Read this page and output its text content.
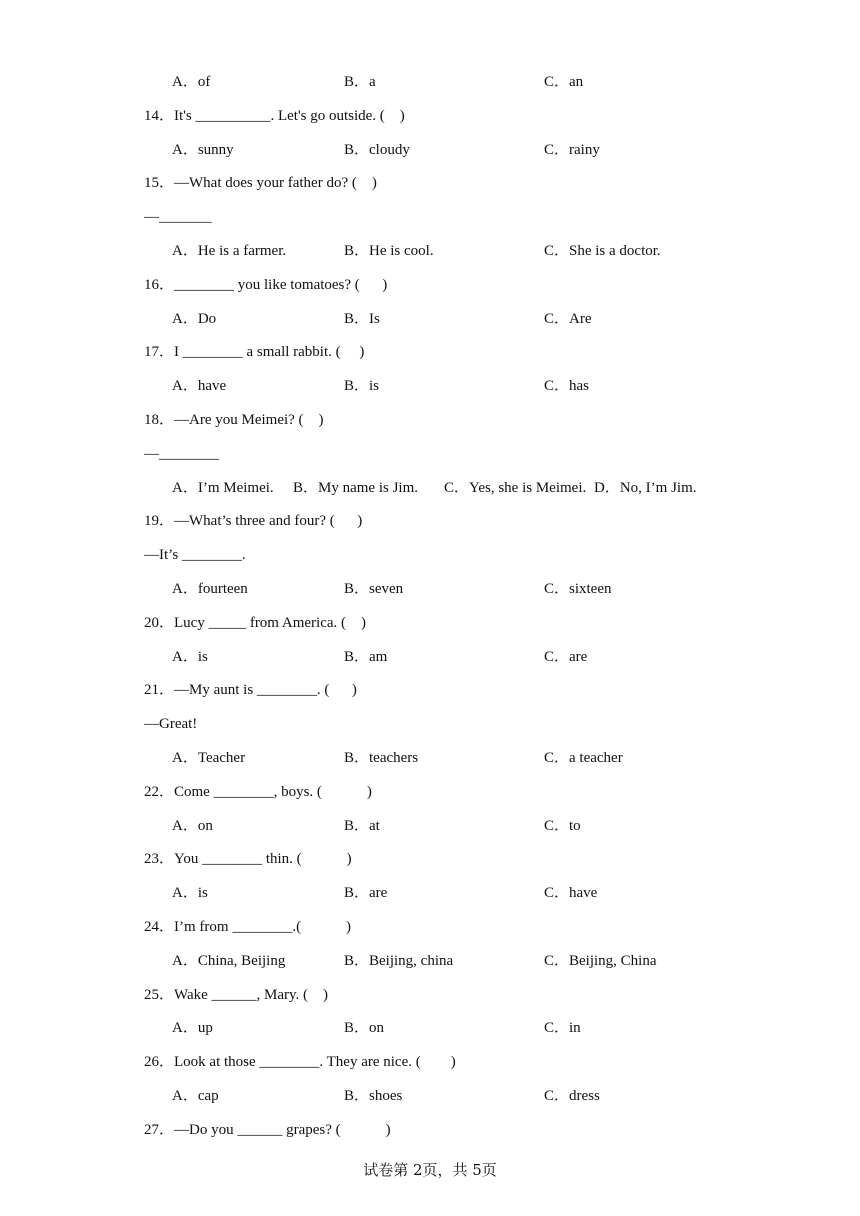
A．of	B．a	C．an
14．It's __________. Let's go outside. (    )
A．sunny	B．cloudy	C．rainy
15．—What does your father do? (    )
—_______
A．He is a farmer.	B．He is cool.	C．She is a doctor.
16．________ you like tomatoes? (      )
A．Do	B．Is	C．Are
17．I ________ a small rabbit. (     )
A．have	B．is	C．has
18．—Are you Meimei? (    )
—________
A．I’m Meimei. B．My name is Jim. C．Yes, she is Meimei. D．No, I’m Jim.
19．—What’s three and four? (      )
—It’s ________.
A．fourteen	B．seven	C．sixteen
20．Lucy _____ from America. (    )
A．is	B．am	C．are
21．—My aunt is ________. (      )
—Great!
A．Teacher	B．teachers	C．a teacher
22．Come ________, boys. (            )
A．on	B．at	C．to
23．You ________ thin. (            )
A．is	B．are	C．have
24．I’m from ________.(            )
A．China, Beijing	B．Beijing, china	C．Beijing, China
25．Wake ______, Mary. (    )
A．up	B．on	C．in
26．Look at those ________. They are nice. (        )
A．cap	B．shoes	C．dress
27．—Do you ______ grapes? (            )
试卷第 2页，共 5页
